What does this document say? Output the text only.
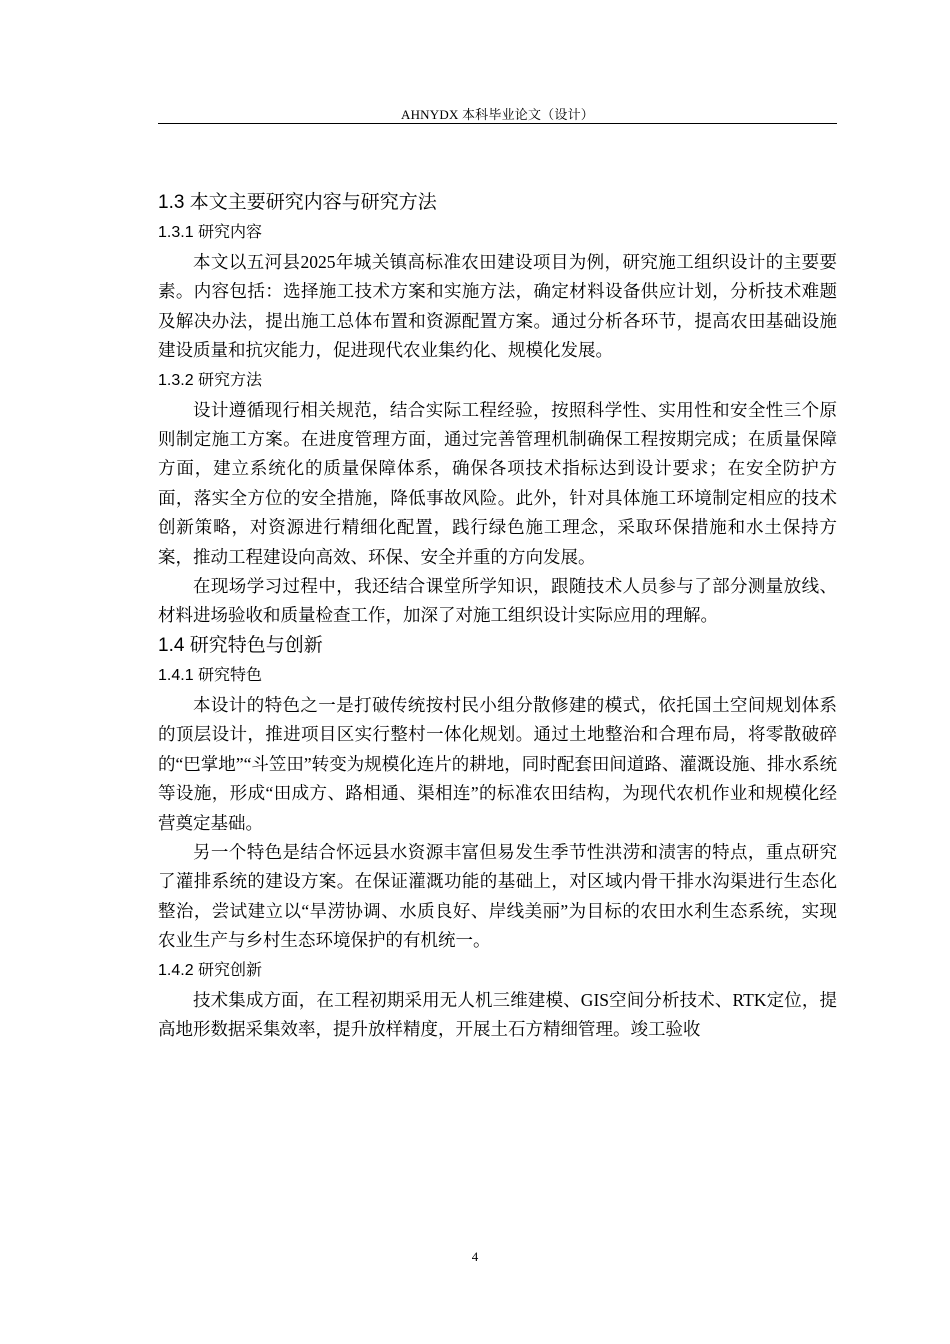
AHNYDX 本科毕业论文（设计）
1.3 本文主要研究内容与研究方法
1.3.1 研究内容

本文以五河县2025年城关镇高标准农田建设项目为例，研究施工组织设计的主要要素。内容包括：选择施工技术方案和实施方法，确定材料设备供应计划，分析技术难题及解决办法，提出施工总体布置和资源配置方案。通过分析各环节，提高农田基础设施建设质量和抗灾能力，促进现代农业集约化、规模化发展。

1.3.2 研究方法

设计遵循现行相关规范，结合实际工程经验，按照科学性、实用性和安全性三个原则制定施工方案。在进度管理方面，通过完善管理机制确保工程按期完成；在质量保障方面，建立系统化的质量保障体系，确保各项技术指标达到设计要求；在安全防护方面，落实全方位的安全措施，降低事故风险。此外，针对具体施工环境制定相应的技术创新策略，对资源进行精细化配置，践行绿色施工理念，采取环保措施和水土保持方案，推动工程建设向高效、环保、安全并重的方向发展。

在现场学习过程中，我还结合课堂所学知识，跟随技术人员参与了部分测量放线、材料进场验收和质量检查工作，加深了对施工组织设计实际应用的理解。

1.4 研究特色与创新
1.4.1 研究特色

本设计的特色之一是打破传统按村民小组分散修建的模式，依托国土空间规划体系的顶层设计，推进项目区实行整村一体化规划。通过土地整治和合理布局，将零散破碎的“巴掌地”“斗笠田”转变为规模化连片的耕地，同时配套田间道路、灌溉设施、排水系统等设施，形成“田成方、路相通、渠相连”的标准农田结构，为现代农机作业和规模化经营奠定基础。

另一个特色是结合怀远县水资源丰富但易发生季节性洪涝和渍害的特点，重点研究了灌排系统的建设方案。在保证灌溉功能的基础上，对区域内骨干排水沟渠进行生态化整治，尝试建立以“旱涝协调、水质良好、岸线美丽”为目标的农田水利生态系统，实现农业生产与乡村生态环境保护的有机统一。

1.4.2 研究创新

技术集成方面，在工程初期采用无人机三维建模、GIS空间分析技术、RTK定位，提高地形数据采集效率，提升放样精度，开展土石方精细管理。竣工验收

4
